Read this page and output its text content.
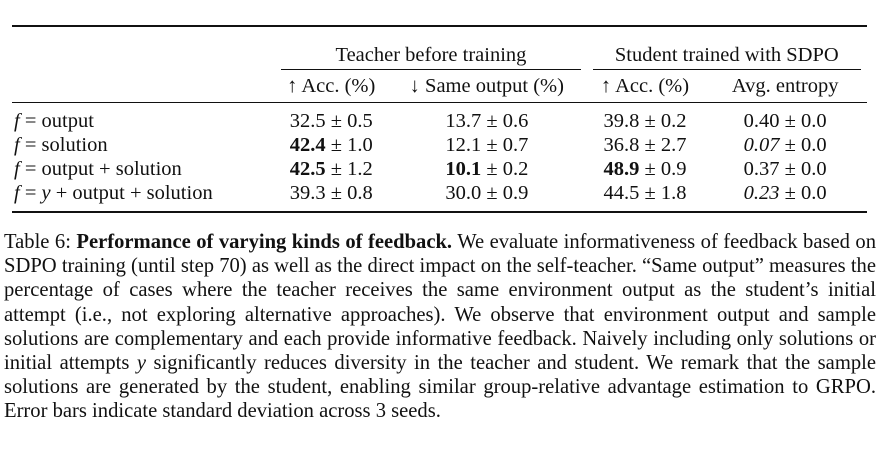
	Teacher before training		Student trained with SDPO	

	↑ Acc. (%)	↓ Same output (%)	↑ Acc. (%)	Avg. entropy
f = output	32.5 ± 0.5	13.7 ± 0.6	39.8 ± 0.2	0.40 ± 0.0
f = solution	42.4 ± 1.0	12.1 ± 0.7	36.8 ± 2.7	0.07 ± 0.0
f = output + solution	42.5 ± 1.2	10.1 ± 0.2	48.9 ± 0.9	0.37 ± 0.0
f = y + output + solution	39.3 ± 0.8	30.0 ± 0.9	44.5 ± 1.8	0.23 ± 0.0
Table 6: Performance of varying kinds of feedback. We evaluate informativeness of feedback based on SDPO training (until step 70) as well as the direct impact on the self-teacher. “Same output” measures the percentage of cases where the teacher receives the same environment output as the student’s initial attempt (i.e., not exploring alternative approaches). We observe that environment output and sample solutions are complementary and each provide informative feedback. Naively including only solutions or initial attempts y significantly reduces diversity in the teacher and student. We remark that the sample solutions are generated by the student, enabling similar group-relative advantage estimation to GRPO. Error bars indicate standard deviation across 3 seeds.
